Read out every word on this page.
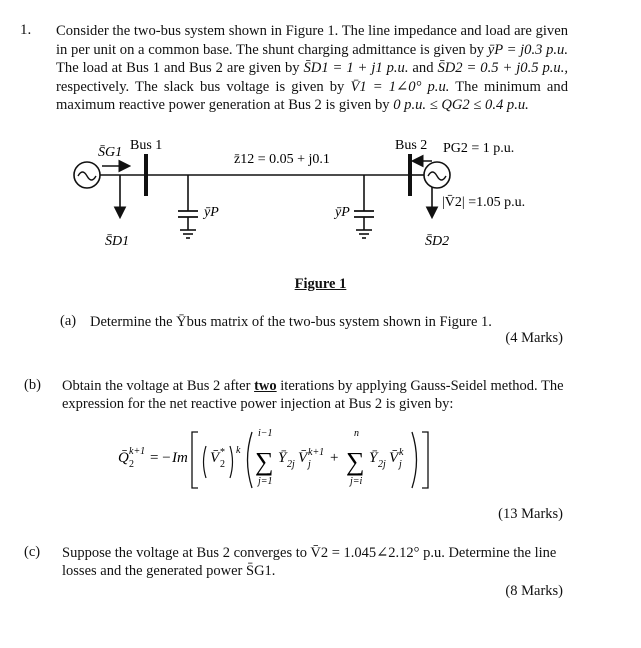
1. Consider the two-bus system shown in Figure 1. The line impedance and load are given in per unit on a common base. The shunt charging admittance is given by ȳP = j0.3 p.u. The load at Bus 1 and Bus 2 are given by S̄D1 = 1 + j1 p.u. and S̄D2 = 0.5 + j0.5 p.u., respectively. The slack bus voltage is given by V̄1 = 1∠0° p.u. The minimum and maximum reactive power generation at Bus 2 is given by 0 p.u. ≤ QG2 ≤ 0.4 p.u.
Bus 1	Bus 2
S̄G1
S̄D1	S̄D2
z̄12 = 0.05 + j0.1
ȳP	ȳP
PG2 = 1 p.u.
|V̄2| =1.05 p.u.
Figure 1
(a) Determine the Ȳbus matrix of the two-bus system shown in Figure 1.
(4 Marks)
(b) Obtain the voltage at Bus 2 after two iterations by applying Gauss-Seidel method. The expression for the net reactive power injection at Bus 2 is given by:
Q̄ 2
k+1 = − Im V̄ 2
* k
i−1
∑
j=1
Ȳ 2j V̄ j
k+1 +
n
∑
j=i
Ȳ 2j V̄ j
k
(13 Marks)
(c) Suppose the voltage at Bus 2 converges to V̄2 = 1.045∠2.12° p.u. Determine the line losses and the generated power S̄G1.
(8 Marks)
